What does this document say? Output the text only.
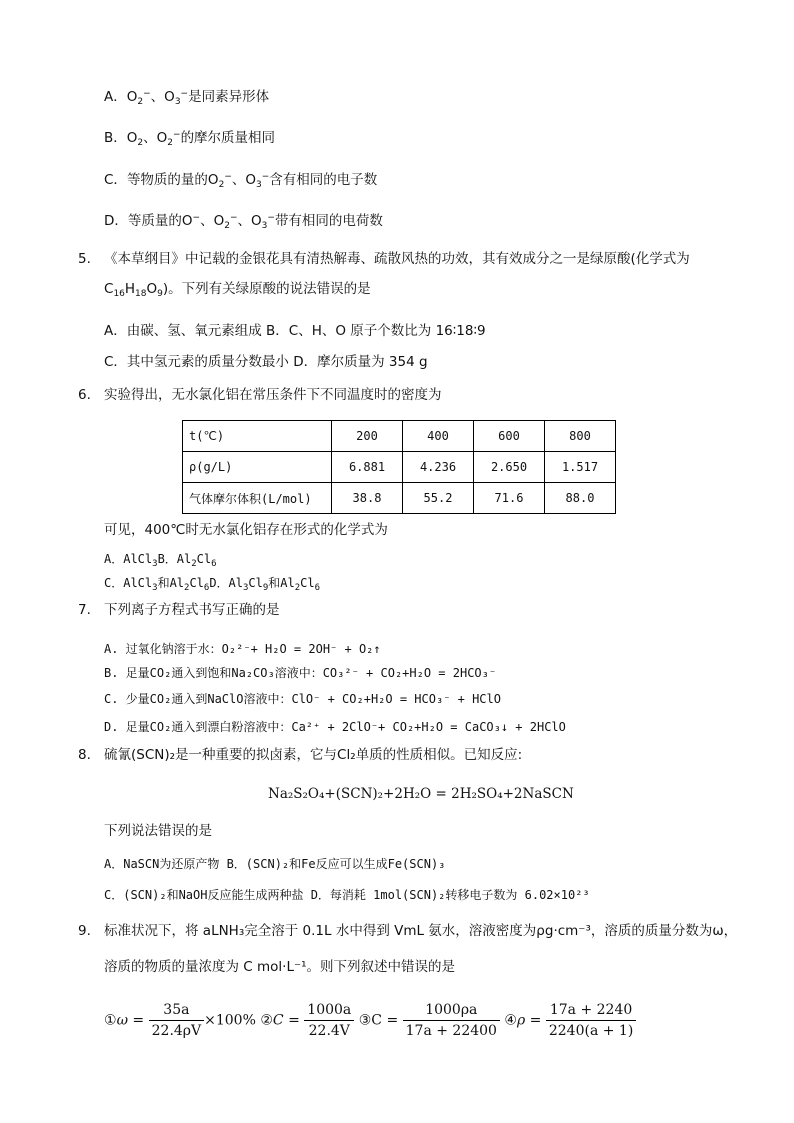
A．$O_2^-$、$O_3^-$是同素异形体
B．$O_2$、$O_2^-$的摩尔质量相同
C．等物质的量的$O_2^-$、$O_3^-$含有相同的电子数
D．等质量的O−、$O_2^-$、$O_3^-$带有相同的电荷数
5. 《本草纲目》中记载的金银花具有清热解毒、疏散风热的功效，其有效成分之一是绿原酸(化学式为
$C_{16}H_{18}O_9$)。下列有关绿原酸的说法错误的是
A．由碳、氢、氧元素组成 B．C、H、O 原子个数比为 16∶18∶9
C．其中氢元素的质量分数最小 D．摩尔质量为 354 g
6. 实验得出，无水氯化铝在常压条件下不同温度时的密度为
t(℃)	200	400	600	800
ρ(g/L)	6.881	4.236	2.650	1.517
气体摩尔体积(L/mol)	38.8	55.2	71.6	88.0
可见，400℃时无水氯化铝存在形式的化学式为
A．AlCl$_3$B．$Al_2Cl_6$
C．AlCl$_3$和$Al_2Cl_6D$．$Al_3Cl_9$和$Al_2Cl_6$
7. 下列离子方程式书写正确的是
A. 过氧化钠溶于水：O₂²⁻+ H₂O = 2OH⁻ + O₂↑
B. 足量CO₂通入到饱和Na₂CO₃溶液中：CO₃²⁻ + CO₂+H₂O = 2HCO₃⁻
C. 少量CO₂通入到NaClO溶液中：ClO⁻ + CO₂+H₂O = HCO₃⁻ + HClO
D. 足量CO₂通入到漂白粉溶液中：Ca²⁺ + 2ClO⁻+ CO₂+H₂O = CaCO₃↓ + 2HClO
8. 硫氰(SCN)₂是一种重要的拟卤素，它与Cl₂单质的性质相似。已知反应:
Na₂S₂O₄+(SCN)₂+2H₂O = 2H₂SO₄+2NaSCN
下列说法错误的是
A．NaSCN为还原产物 B．(SCN)₂和Fe反应可以生成Fe(SCN)₃
C．(SCN)₂和NaOH反应能生成两种盐 D．每消耗 1mol(SCN)₂转移电子数为 6.02×10²³
9. 标准状况下，将 aLNH₃完全溶于 0.1L 水中得到 VmL 氨水，溶液密度为ρg·cm⁻³，溶质的质量分数为ω，
溶质的物质的量浓度为 C mol·L⁻¹。则下列叙述中错误的是
①ω = $\frac{35a}{22.4\rho V} \times 100\%$ ②C = $\frac{1000a}{22.4V}$ ③C = $\frac{1000\rho a}{17a + 22400}$ ④ρ = $\frac{17a + 2240}{2240(a + 1)}$
